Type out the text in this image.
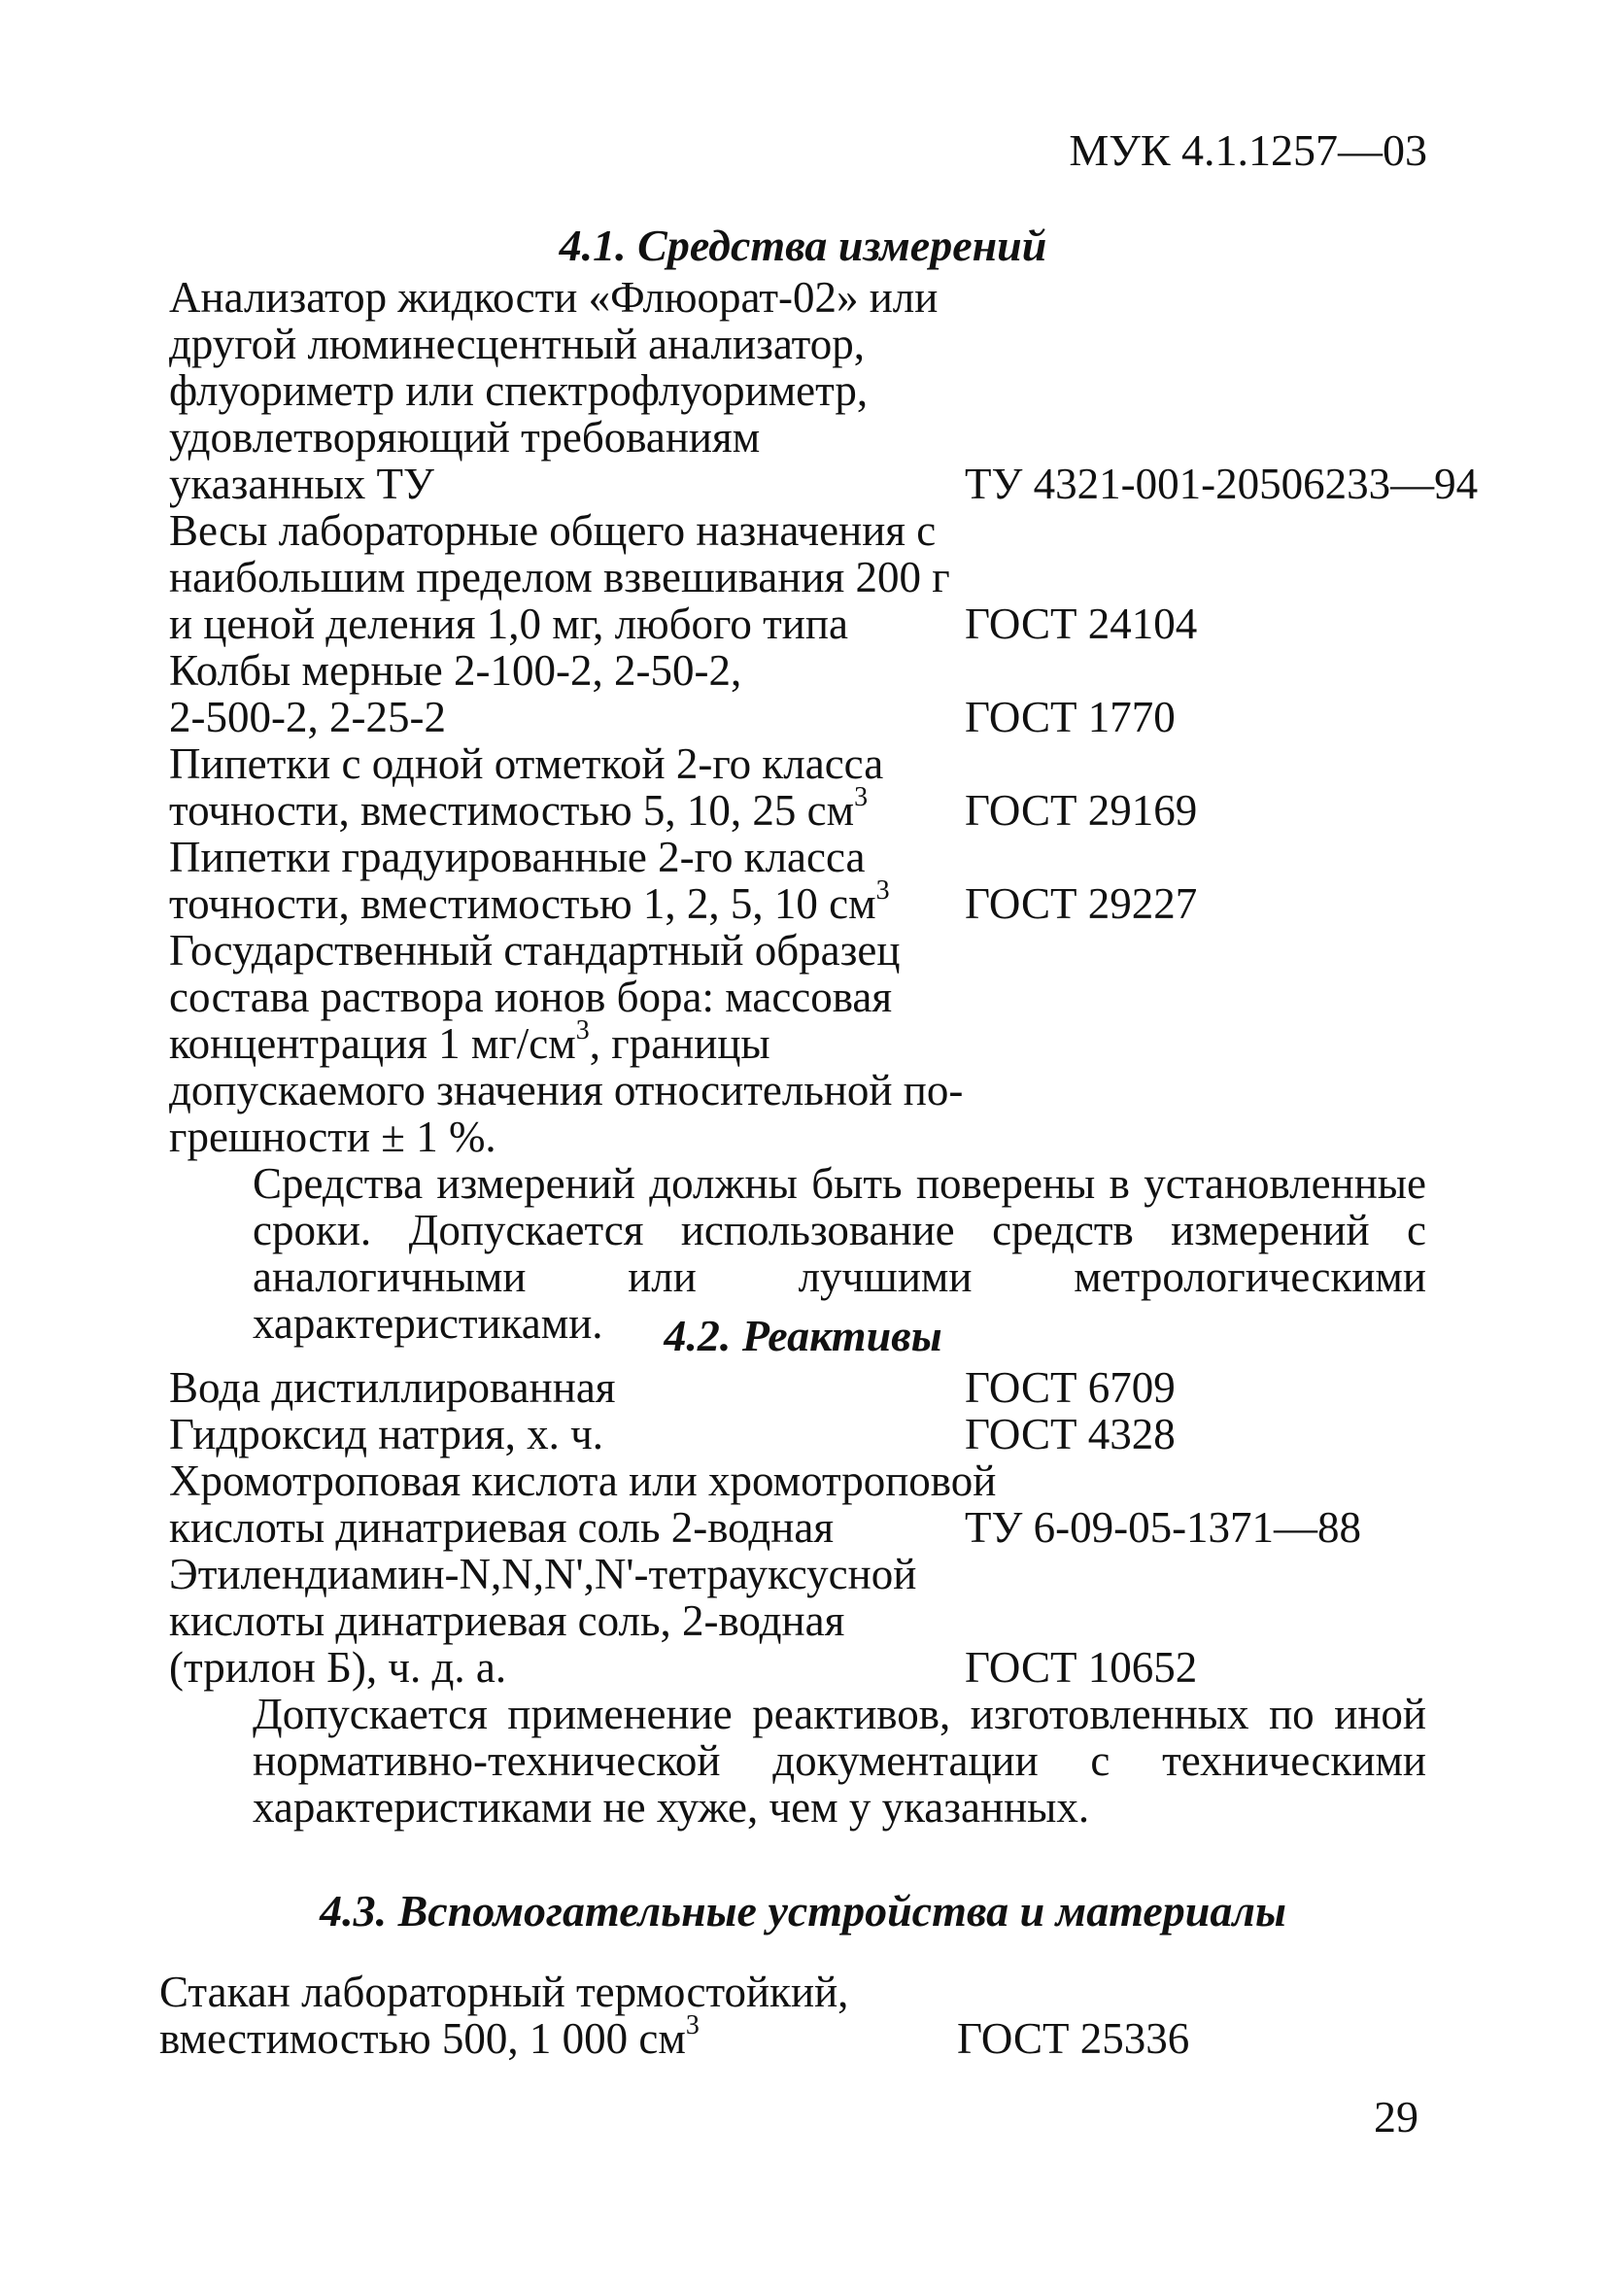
МУК 4.1.1257—03
4.1. Средства измерений
Анализатор жидкости «Флюорат-02» или
другой люминесцентный анализатор,
флуориметр или спектрофлуориметр,
удовлетворяющий требованиям
указанных ТУ
Весы лабораторные общего назначения с
наибольшим пределом взвешивания 200 г
и ценой деления 1,0 мг, любого типа
Колбы мерные 2-100-2, 2-50-2,
2-500-2, 2-25-2
Пипетки с одной отметкой 2-го класса
точности, вместимостью 5, 10, 25 $см^3$
Пипетки градуированные 2-го класса
точности, вместимостью 1, 2, 5, 10 $см^3$
Государственный стандартный образец
состава раствора ионов бора: массовая
концентрация 1 $мг/см^3$, границы
допускаемого значения относительной по-
грешности ± 1 %.
ТУ 4321-001-20506233—94
ГОСТ 24104
ГОСТ 1770
ГОСТ 29169
ГОСТ 29227
Средства измерений должны быть поверены в установленные сроки. Допускается использование средств измерений с аналогичными или лучшими метрологическими характеристиками.	4.2. Реактивы
Вода дистиллированная
Гидроксид натрия, х. ч.
Хромотроповая кислота или хромотроповой
кислоты динатриевая соль 2-водная
Этилендиамин-N,N,N',N'-тетрауксусной
кислоты динатриевая соль, 2-водная
(трилон Б), ч. д. а.
ГОСТ 6709
ГОСТ 4328
ТУ 6-09-05-1371—88
ГОСТ 10652
Допускается применение реактивов, изготовленных по иной нормативно-технической документации с техническими характеристиками не хуже, чем у указанных.
4.3. Вспомогательные устройства и материалы
Стакан лабораторный термостойкий,
вместимостью 500, 1 000 $см^3$	ГОСТ 25336
29
